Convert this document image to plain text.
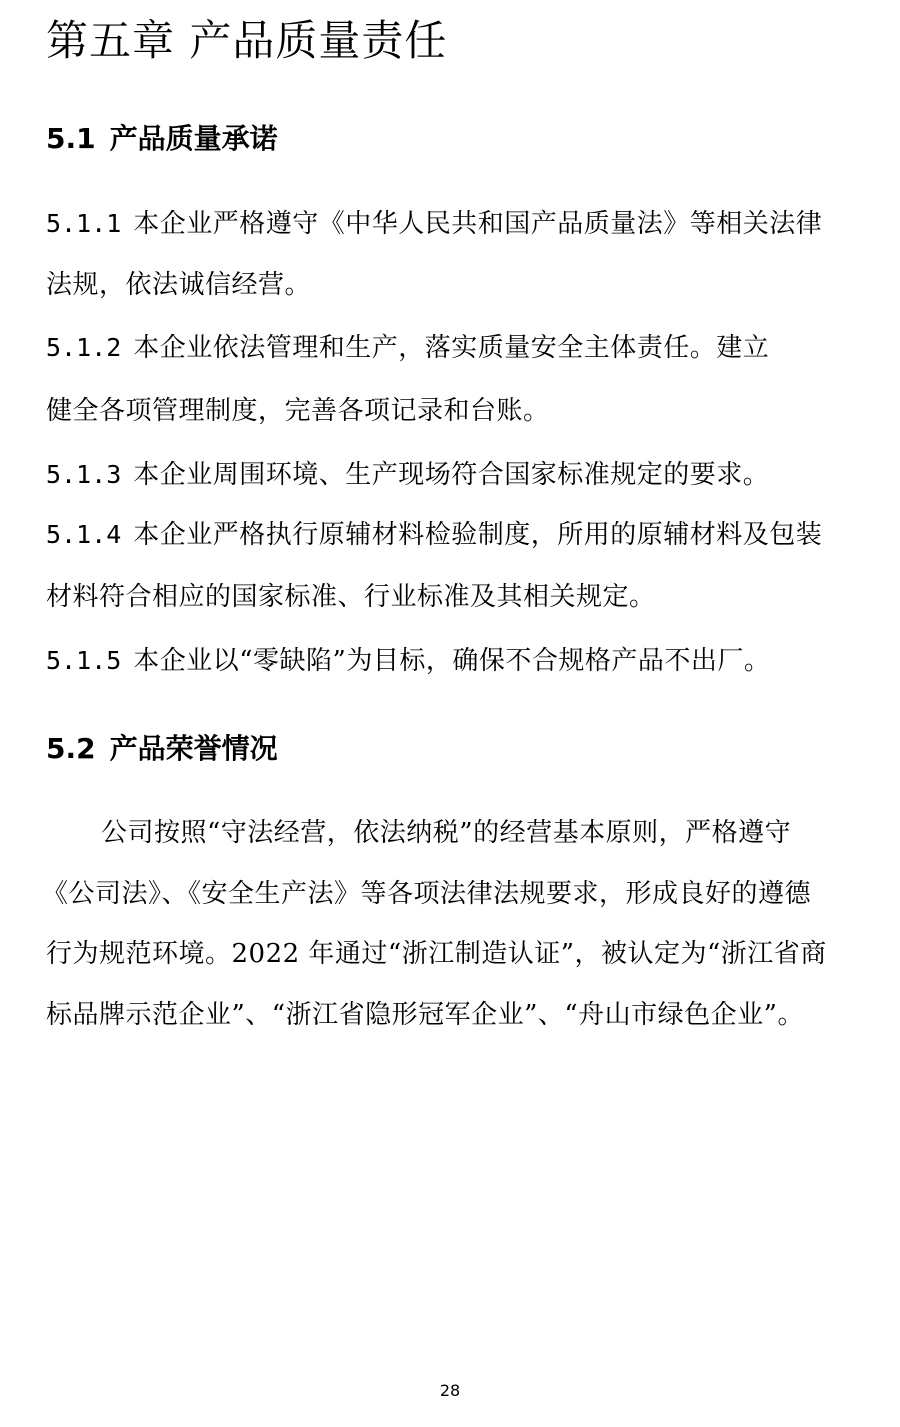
第五章 产品质量责任
5.1 产品质量承诺
5.1.1 本企业严格遵守《中华人民共和国产品质量法》等相关法律
法规，依法诚信经营。
5.1.2 本企业依法管理和生产，落实质量安全主体责任。建立
健全各项管理制度，完善各项记录和台账。
5.1.3 本企业周围环境、生产现场符合国家标准规定的要求。
5.1.4 本企业严格执行原辅材料检验制度，所用的原辅材料及包装
材料符合相应的国家标准、行业标准及其相关规定。
5.1.5 本企业以“零缺陷”为目标，确保不合规格产品不出厂。
5.2 产品荣誉情况
公司按照“守法经营，依法纳税”的经营基本原则，严格遵守
《公司法》、《安全生产法》等各项法律法规要求，形成良好的遵德
行为规范环境。2022 年通过“浙江制造认证”，被认定为“浙江省商
标品牌示范企业”、“浙江省隐形冠军企业”、“舟山市绿色企业”。
28
